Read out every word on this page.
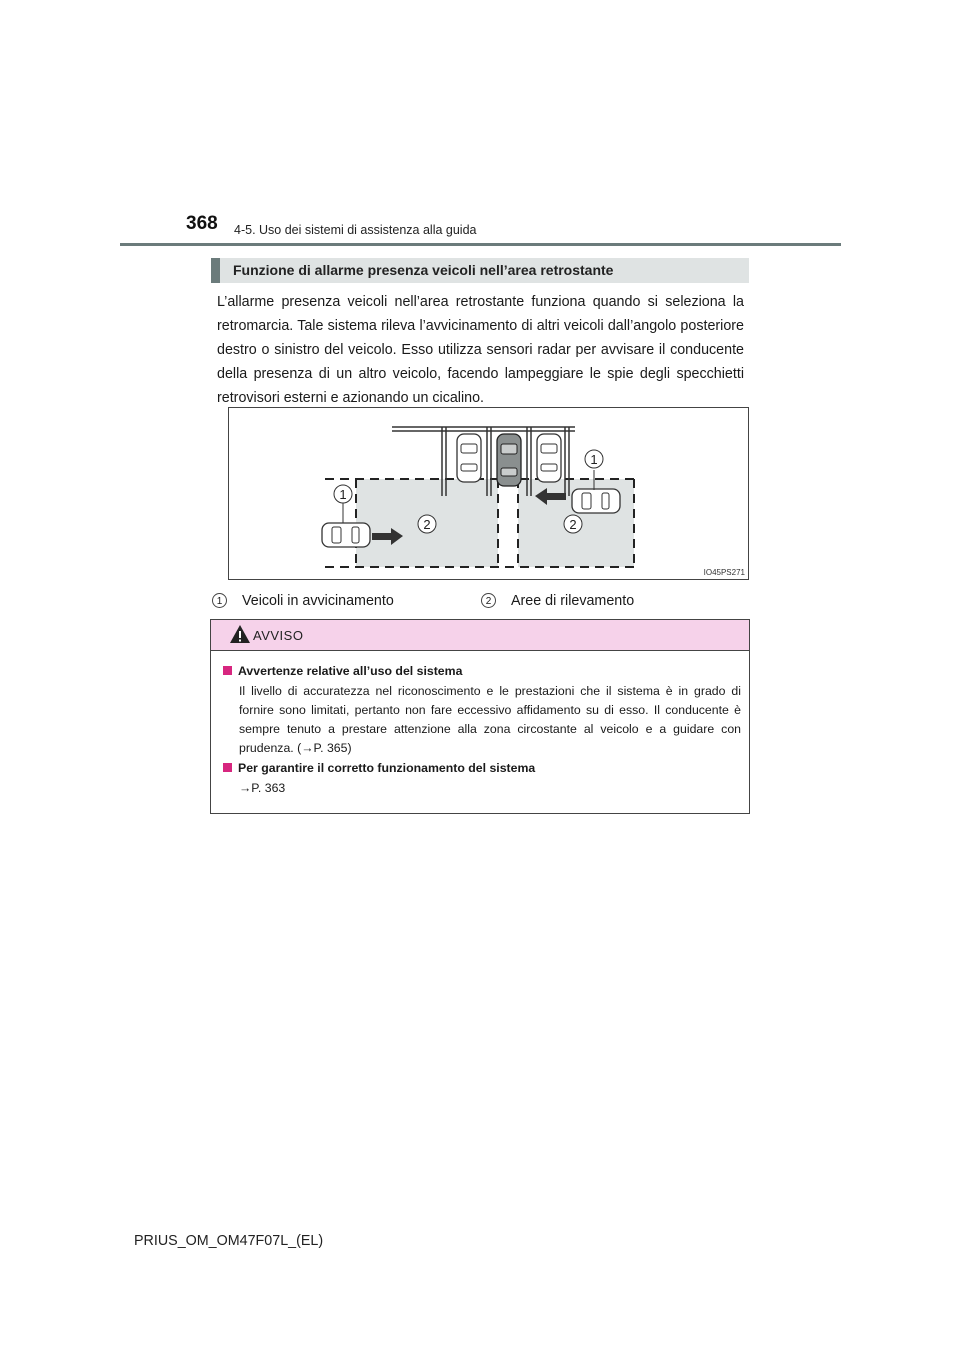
368 4-5. Uso dei sistemi di assistenza alla guida
Funzione di allarme presenza veicoli nell’area retrostante

L’allarme presenza veicoli nell’area retrostante funziona quando si seleziona la retromarcia. Tale sistema rileva l’avvicinamento di altri veicoli dall’angolo posteriore destro o sinistro del veicolo. Esso utilizza sensori radar per avvisare il conducente della presenza di un altro veicolo, facendo lampeggiare le spie degli specchietti retrovisori esterni e azionando un cicalino.

1
1
2	2
IO45PS271
1	Veicoli in avvicinamento	2	Aree di rilevamento
AVVISO
Avvertenze relative all’uso del sistema

Il livello di accuratezza nel riconoscimento e le prestazioni che il sistema è in grado di fornire sono limitati, pertanto non fare eccessivo affidamento su di esso. Il conducente è sempre tenuto a prestare attenzione alla zona circostante al veicolo e a guidare con prudenza. (→P. 365)

Per garantire il corretto funzionamento del sistema

→P. 363

PRIUS_OM_OM47F07L_(EL)
